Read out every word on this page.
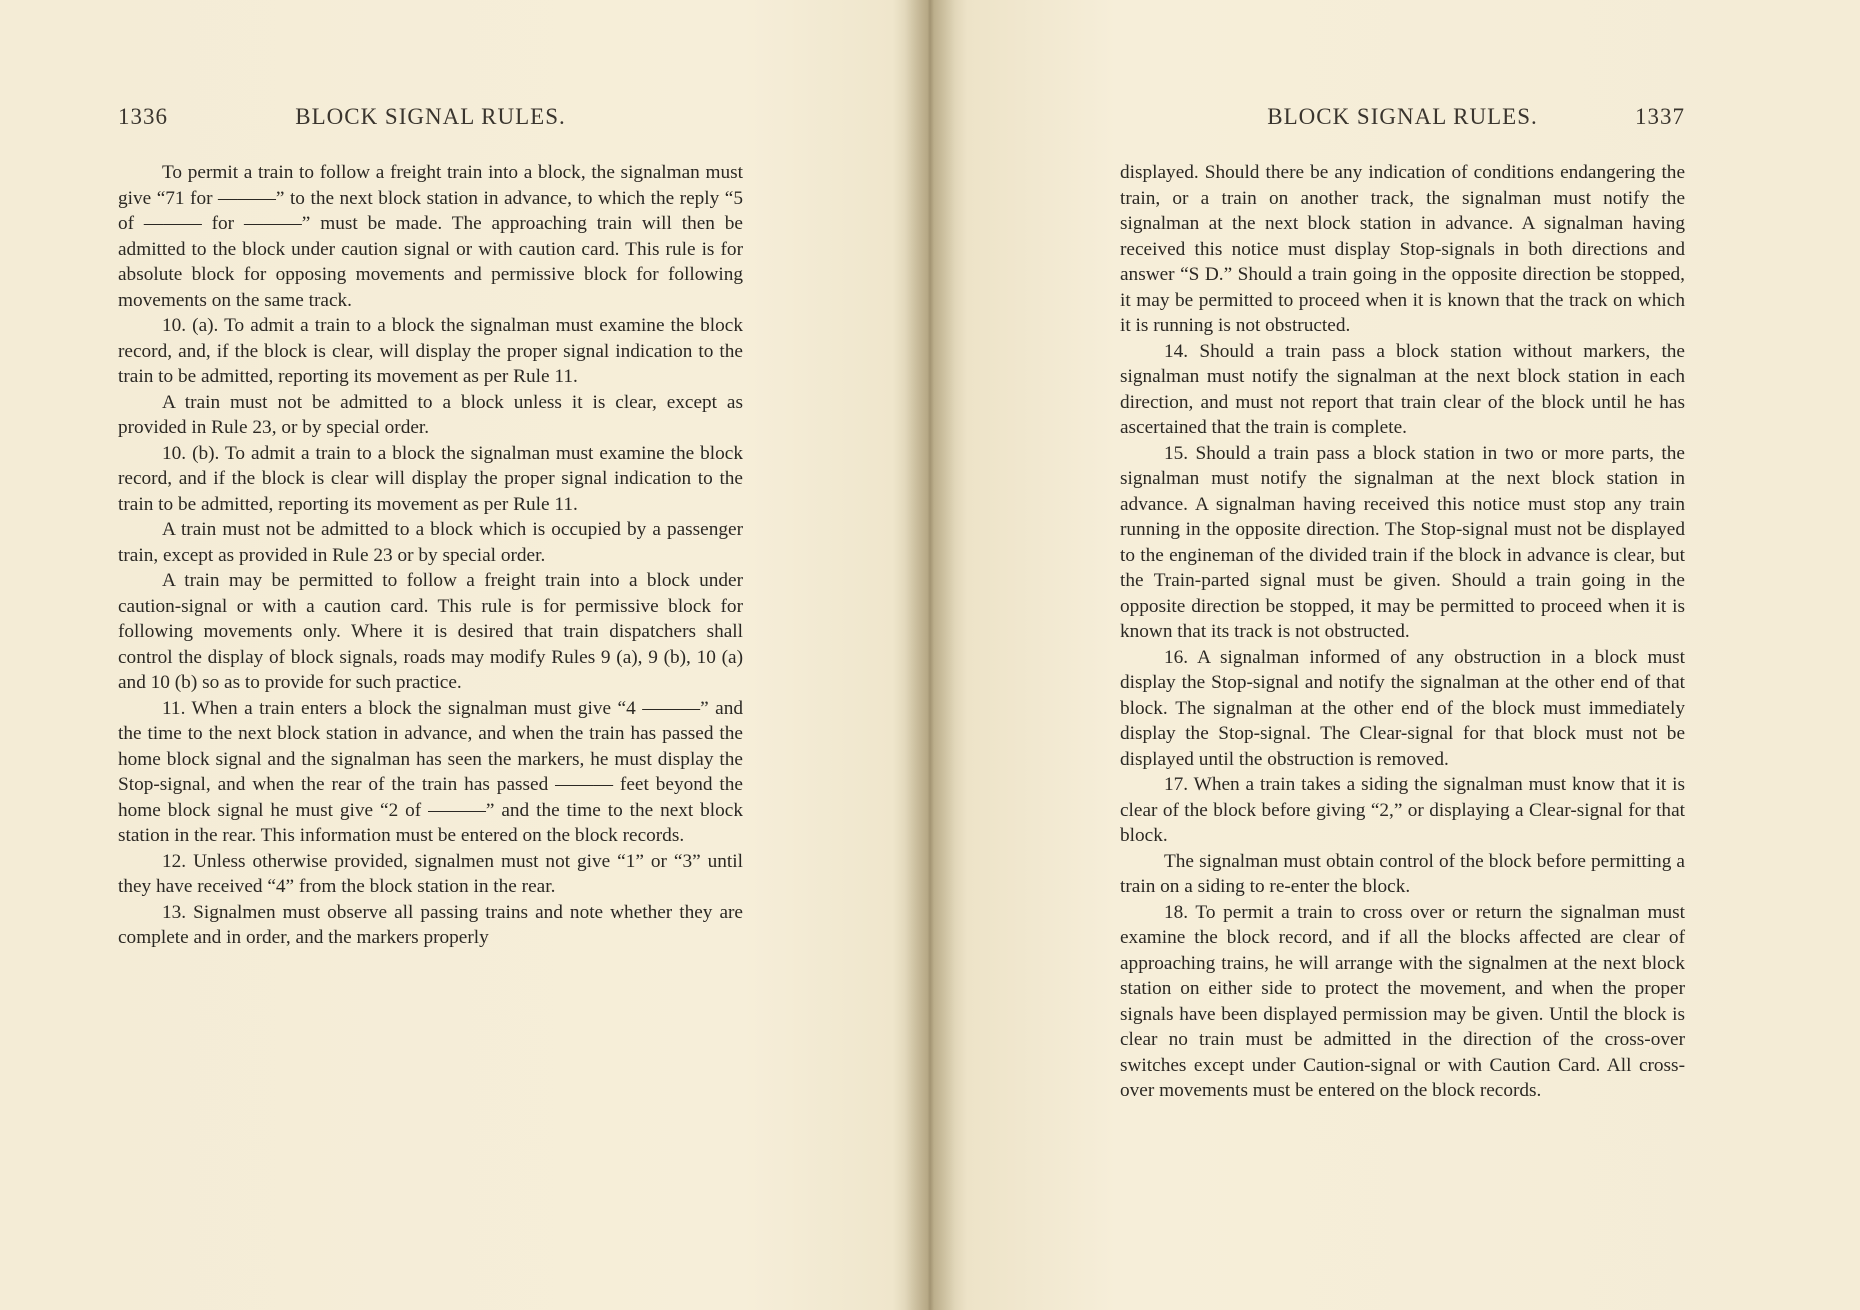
1336	BLOCK SIGNAL RULES.

To permit a train to follow a freight train into a block, the signalman must give “71 for ———” to the next block station in advance, to which the reply “5 of ——— for ———” must be made. The approaching train will then be admitted to the block under caution signal or with caution card. This rule is for absolute block for opposing movements and permissive block for following movements on the same track.

10. (a). To admit a train to a block the signalman must examine the block record, and, if the block is clear, will display the proper signal indication to the train to be admitted, reporting its movement as per Rule 11.

A train must not be admitted to a block unless it is clear, except as provided in Rule 23, or by special order.

10. (b). To admit a train to a block the signalman must examine the block record, and if the block is clear will display the proper signal indication to the train to be admitted, reporting its movement as per Rule 11.

A train must not be admitted to a block which is occupied by a passenger train, except as provided in Rule 23 or by special order.

A train may be permitted to follow a freight train into a block under caution-signal or with a caution card. This rule is for permissive block for following movements only. Where it is desired that train dispatchers shall control the display of block signals, roads may modify Rules 9 (a), 9 (b), 10 (a) and 10 (b) so as to provide for such practice.

11. When a train enters a block the signalman must give “4 ———” and the time to the next block station in advance, and when the train has passed the home block signal and the signalman has seen the markers, he must display the Stop-signal, and when the rear of the train has passed ——— feet beyond the home block signal he must give “2 of ———” and the time to the next block station in the rear. This information must be entered on the block records.

12. Unless otherwise provided, signalmen must not give “1” or “3” until they have received “4” from the block station in the rear.

13. Signalmen must observe all passing trains and note whether they are complete and in order, and the markers properly

BLOCK SIGNAL RULES.	1337

displayed. Should there be any indication of conditions endangering the train, or a train on another track, the signalman must notify the signalman at the next block station in advance. A signalman having received this notice must display Stop-signals in both directions and answer “S D.” Should a train going in the opposite direction be stopped, it may be permitted to proceed when it is known that the track on which it is running is not obstructed.

14. Should a train pass a block station without markers, the signalman must notify the signalman at the next block station in each direction, and must not report that train clear of the block until he has ascertained that the train is complete.

15. Should a train pass a block station in two or more parts, the signalman must notify the signalman at the next block station in advance. A signalman having received this notice must stop any train running in the opposite direction. The Stop-signal must not be displayed to the engineman of the divided train if the block in advance is clear, but the Train-parted signal must be given. Should a train going in the opposite direction be stopped, it may be permitted to proceed when it is known that its track is not obstructed.

16. A signalman informed of any obstruction in a block must display the Stop-signal and notify the signalman at the other end of that block. The signalman at the other end of the block must immediately display the Stop-signal. The Clear-signal for that block must not be displayed until the obstruction is removed.

17. When a train takes a siding the signalman must know that it is clear of the block before giving “2,” or displaying a Clear-signal for that block.

The signalman must obtain control of the block before permitting a train on a siding to re-enter the block.

18. To permit a train to cross over or return the signalman must examine the block record, and if all the blocks affected are clear of approaching trains, he will arrange with the signalmen at the next block station on either side to protect the movement, and when the proper signals have been displayed permission may be given. Until the block is clear no train must be admitted in the direction of the cross-over switches except under Caution-signal or with Caution Card. All cross-over movements must be entered on the block records.
